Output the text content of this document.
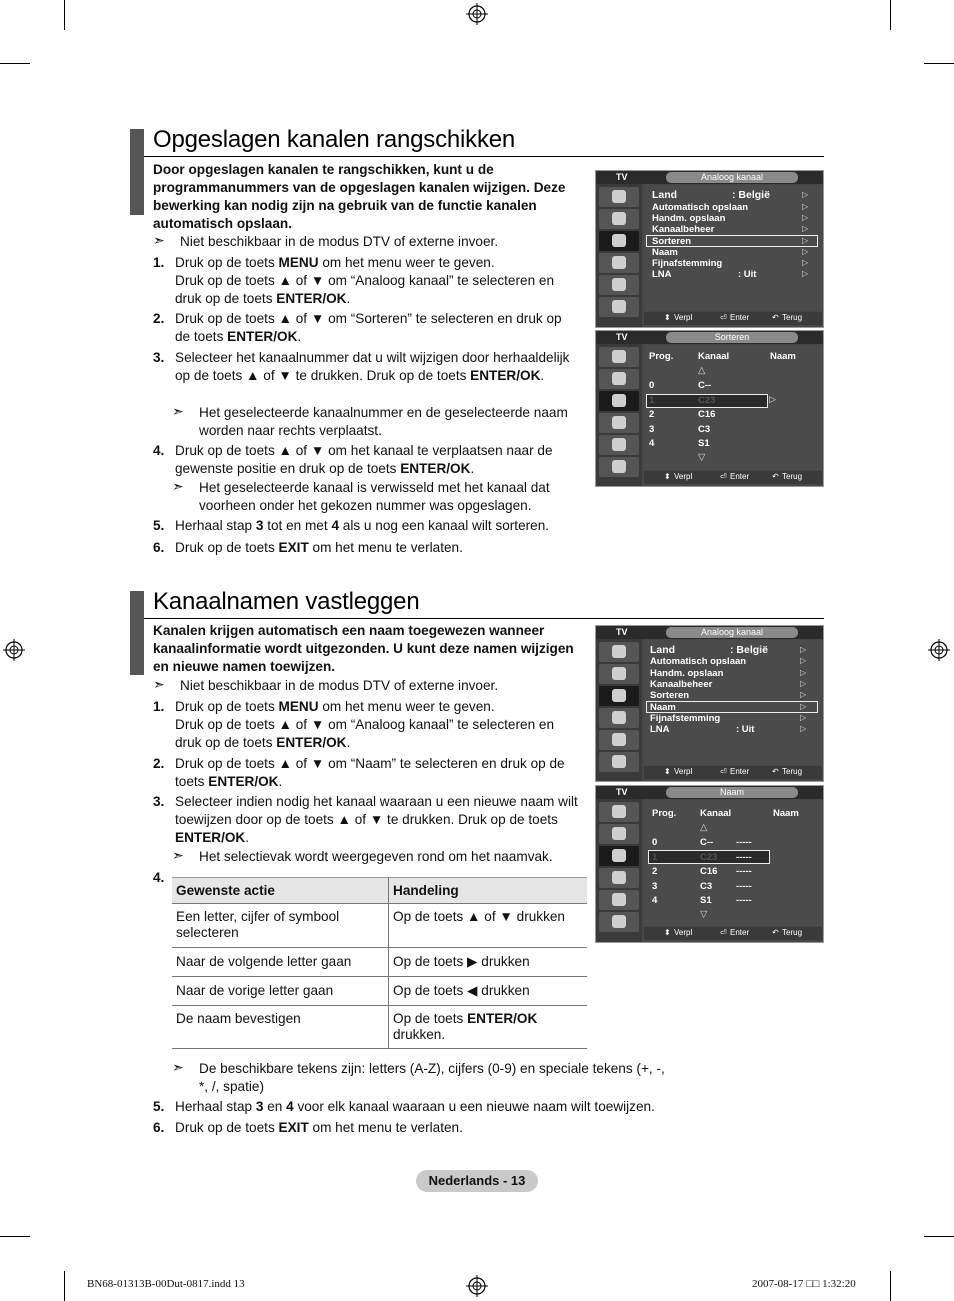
Opgeslagen kanalen rangschikken
Door opgeslagen kanalen te rangschikken, kunt u de programmanummers van de opgeslagen kanalen wijzigen. Deze bewerking kan nodig zijn na gebruik van de functie kanalen automatisch opslaan.
➣ Niet beschikbaar in de modus DTV of externe invoer.
1. Druk op de toets MENU om het menu weer te geven.
Druk op de toets ▲ of ▼ om “Analoog kanaal” te selecteren en druk op de toets ENTER/OK.
2. Druk op de toets ▲ of ▼ om “Sorteren” te selecteren en druk op de toets ENTER/OK.
3. Selecteer het kanaalnummer dat u wilt wijzigen door herhaaldelijk op de toets ▲ of ▼ te drukken. Druk op de toets ENTER/OK.
➣ Het geselecteerde kanaalnummer en de geselecteerde naam worden naar rechts verplaatst.
4. Druk op de toets ▲ of ▼ om het kanaal te verplaatsen naar de gewenste positie en druk op de toets ENTER/OK.
➣ Het geselecteerde kanaal is verwisseld met het kanaal dat voorheen onder het gekozen nummer was opgeslagen.
5. Herhaal stap 3 tot en met 4 als u nog een kanaal wilt sorteren.
6. Druk op de toets EXIT om het menu te verlaten.
TV	Analoog kanaal
Land	: België
Automatisch opslaan
Handm. opslaan
Kanaalbeheer
Sorteren
Naam
Fijnafstemming
LNA	: Uit
▷
▷
▷
▷
▷
▷
▷
▷
⬍ Verpl	⏎ Enter	↶ Terug
TV	Sorteren
Prog.	Kanaal	Naam
△
0	C--
1	C23	▷
2	C16
3	C3
4	S1
▽
⬍ Verpl	⏎ Enter	↶ Terug
Kanaalnamen vastleggen
Kanalen krijgen automatisch een naam toegewezen wanneer kanaalinformatie wordt uitgezonden. U kunt deze namen wijzigen en nieuwe namen toewijzen.
➣ Niet beschikbaar in de modus DTV of externe invoer.
1. Druk op de toets MENU om het menu weer te geven.
Druk op de toets ▲ of ▼ om “Analoog kanaal” te selecteren en druk op de toets ENTER/OK.
2. Druk op de toets ▲ of ▼ om “Naam” te selecteren en druk op de toets ENTER/OK.
3. Selecteer indien nodig het kanaal waaraan u een nieuwe naam wilt toewijzen door op de toets ▲ of ▼ te drukken. Druk op de toets ENTER/OK.
➣ Het selectievak wordt weergegeven rond om het naamvak.
4.
Gewenste actie	Handeling
Een letter, cijfer of symbool selecteren	Op de toets ▲ of ▼ drukken
Naar de volgende letter gaan	Op de toets ▶ drukken
Naar de vorige letter gaan	Op de toets ◀ drukken
De naam bevestigen	Op de toets ENTER/OK
drukken.
➣ De beschikbare tekens zijn: letters (A-Z), cijfers (0-9) en speciale tekens (+, -, *, /, spatie)
5. Herhaal stap 3 en 4 voor elk kanaal waaraan u een nieuwe naam wilt toewijzen.
6. Druk op de toets EXIT om het menu te verlaten.
TV	Analoog kanaal
Land	: België
Automatisch opslaan
Handm. opslaan
Kanaalbeheer
Sorteren
Naam
Fijnafstemming
LNA	: Uit
▷
▷
▷
▷
▷
▷
▷
▷
⬍ Verpl	⏎ Enter	↶ Terug
TV	Naam
Prog. Kanaal	Naam
△
0	C-- -----
1	C23 -----
2	C16 -----
3	C3	-----
4	S1	-----
▽
⬍ Verpl	⏎ Enter	↶ Terug
Nederlands - 13
BN68-01313B-00Dut-0817.indd 13	2007-08-17 □□ 1:32:20
